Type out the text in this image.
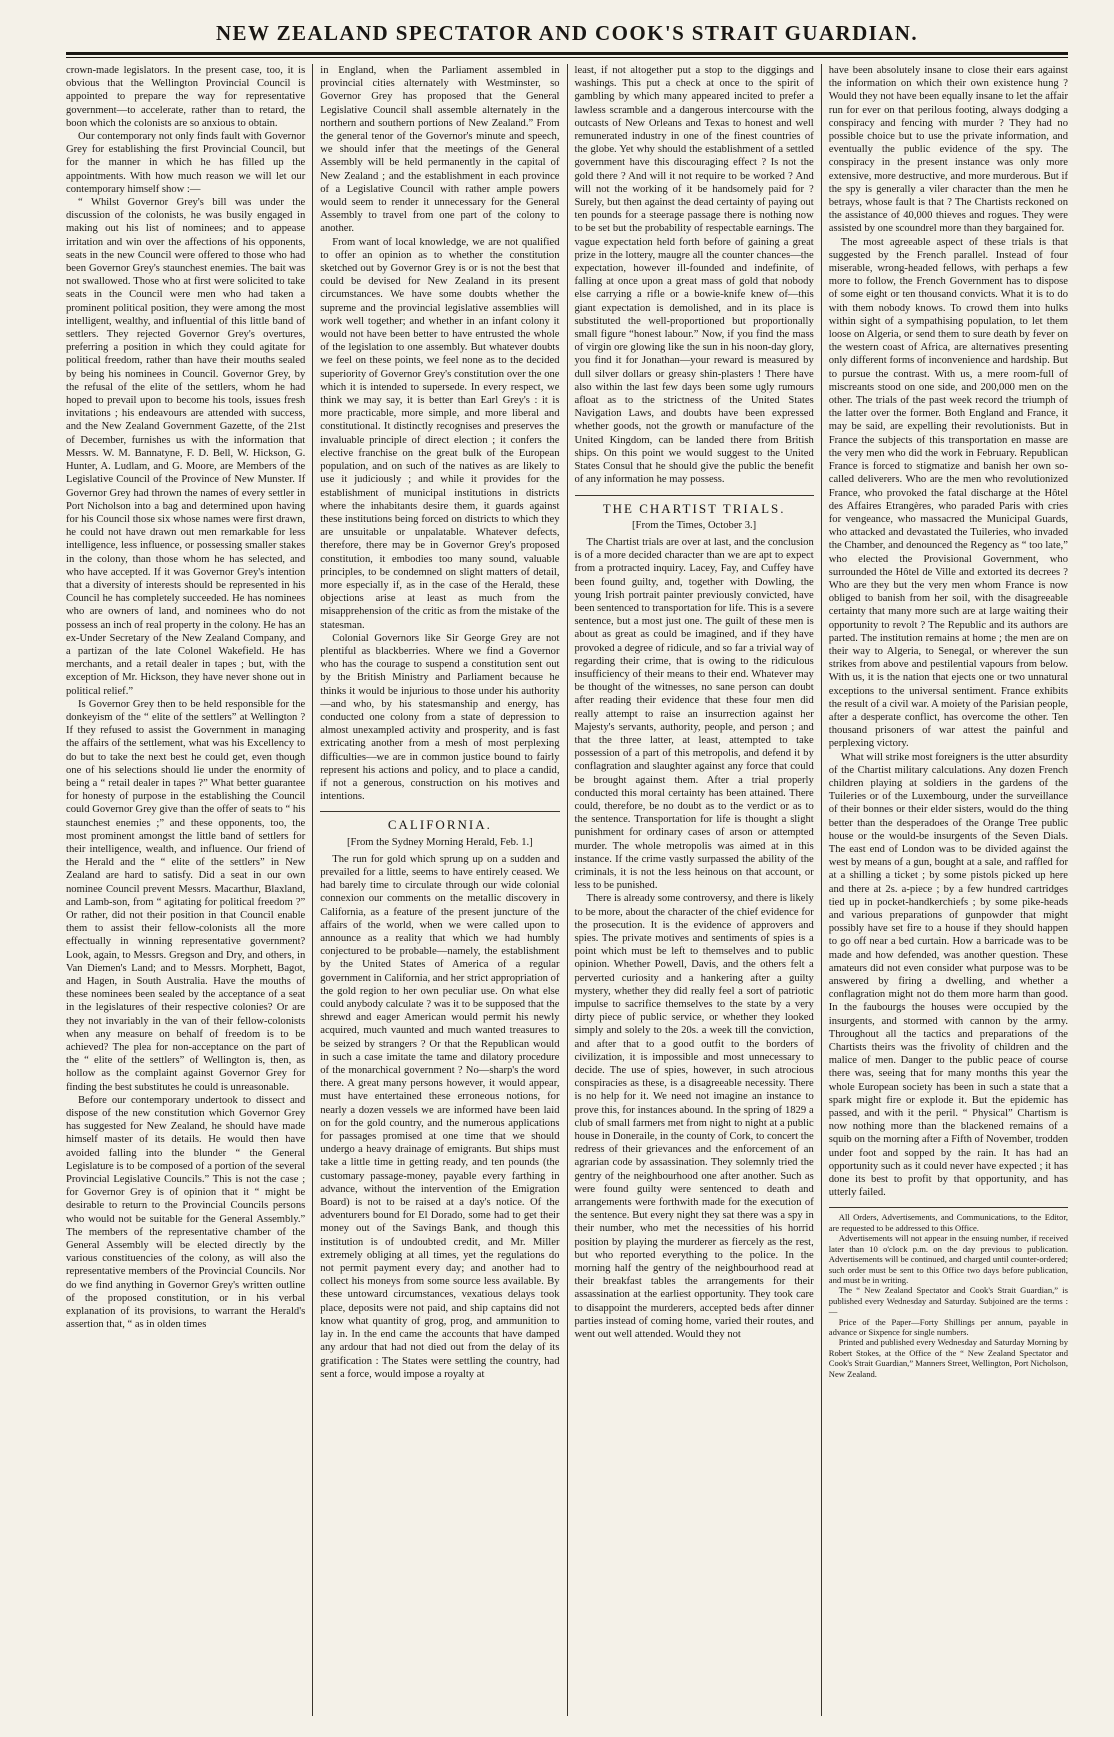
NEW ZEALAND SPECTATOR AND COOK'S STRAIT GUARDIAN.

crown-made legislators. In the present case, too, it is obvious that the Wellington Provincial Council is appointed to prepare the way for representative government—to accelerate, rather than to retard, the boon which the colonists are so anxious to obtain.

Our contemporary not only finds fault with Governor Grey for establishing the first Provincial Council, but for the manner in which he has filled up the appointments. With how much reason we will let our contemporary himself show :—

“ Whilst Governor Grey's bill was under the discussion of the colonists, he was busily engaged in making out his list of nominees; and to appease irritation and win over the affections of his opponents, seats in the new Council were offered to those who had been Governor Grey's staunchest enemies. The bait was not swallowed. Those who at first were solicited to take seats in the Council were men who had taken a prominent political position, they were among the most intelligent, wealthy, and influential of this little band of settlers. They rejected Governor Grey's overtures, preferring a position in which they could agitate for political freedom, rather than have their mouths sealed by being his nominees in Council. Governor Grey, by the refusal of the elite of the settlers, whom he had hoped to prevail upon to become his tools, issues fresh invitations ; his endeavours are attended with success, and the New Zealand Government Gazette, of the 21st of December, furnishes us with the information that Messrs. W. M. Bannatyne, F. D. Bell, W. Hickson, G. Hunter, A. Ludlam, and G. Moore, are Members of the Legislative Council of the Province of New Munster. If Governor Grey had thrown the names of every settler in Port Nicholson into a bag and determined upon having for his Council those six whose names were first drawn, he could not have drawn out men remarkable for less intelligence, less influence, or possessing smaller stakes in the colony, than those whom he has selected, and who have accepted. If it was Governor Grey's intention that a diversity of interests should be represented in his Council he has completely succeeded. He has nominees who are owners of land, and nominees who do not possess an inch of real property in the colony. He has an ex-Under Secretary of the New Zealand Company, and a partizan of the late Colonel Wakefield. He has merchants, and a retail dealer in tapes ; but, with the exception of Mr. Hickson, they have never shone out in political relief.”

Is Governor Grey then to be held responsible for the donkeyism of the “ elite of the settlers” at Wellington ? If they refused to assist the Government in managing the affairs of the settlement, what was his Excellency to do but to take the next best he could get, even though one of his selections should lie under the enormity of being a “ retail dealer in tapes ?” What better guarantee for honesty of purpose in the establishing the Council could Governor Grey give than the offer of seats to “ his staunchest enemies ;” and these opponents, too, the most prominent amongst the little band of settlers for their intelligence, wealth, and influence. Our friend of the Herald and the “ elite of the settlers” in New Zealand are hard to satisfy. Did a seat in our own nominee Council prevent Messrs. Macarthur, Blaxland, and Lamb-son, from “ agitating for political freedom ?” Or rather, did not their position in that Council enable them to assist their fellow-colonists all the more effectually in winning representative government? Look, again, to Messrs. Gregson and Dry, and others, in Van Diemen's Land; and to Messrs. Morphett, Bagot, and Hagen, in South Australia. Have the mouths of these nominees been sealed by the acceptance of a seat in the legislatures of their respective colonies? Or are they not invariably in the van of their fellow-colonists when any measure on behalf of freedom is to be achieved? The plea for non-acceptance on the part of the “ elite of the settlers” of Wellington is, then, as hollow as the complaint against Governor Grey for finding the best substitutes he could is unreasonable.

Before our contemporary undertook to dissect and dispose of the new constitution which Governor Grey has suggested for New Zealand, he should have made himself master of its details. He would then have avoided falling into the blunder “ the General Legislature is to be composed of a portion of the several Provincial Legislative Councils.” This is not the case ; for Governor Grey is of opinion that it “ might be desirable to return to the Provincial Councils persons who would not be suitable for the General Assembly.” The members of the representative chamber of the General Assembly will be elected directly by the various constituencies of the colony, as will also the representative members of the Provincial Councils. Nor do we find anything in Governor Grey's written outline of the proposed constitution, or in his verbal explanation of its provisions, to warrant the Herald's assertion that, “ as in olden times

in England, when the Parliament assembled in provincial cities alternately with Westminster, so Governor Grey has proposed that the General Legislative Council shall assemble alternately in the northern and southern portions of New Zealand.” From the general tenor of the Governor's minute and speech, we should infer that the meetings of the General Assembly will be held permanently in the capital of New Zealand ; and the establishment in each province of a Legislative Council with rather ample powers would seem to render it unnecessary for the General Assembly to travel from one part of the colony to another.

From want of local knowledge, we are not qualified to offer an opinion as to whether the constitution sketched out by Governor Grey is or is not the best that could be devised for New Zealand in its present circumstances. We have some doubts whether the supreme and the provincial legislative assemblies will work well together; and whether in an infant colony it would not have been better to have entrusted the whole of the legislation to one assembly. But whatever doubts we feel on these points, we feel none as to the decided superiority of Governor Grey's constitution over the one which it is intended to supersede. In every respect, we think we may say, it is better than Earl Grey's : it is more practicable, more simple, and more liberal and constitutional. It distinctly recognises and preserves the invaluable principle of direct election ; it confers the elective franchise on the great bulk of the European population, and on such of the natives as are likely to use it judiciously ; and while it provides for the establishment of municipal institutions in districts where the inhabitants desire them, it guards against these institutions being forced on districts to which they are unsuitable or unpalatable. Whatever defects, therefore, there may be in Governor Grey's proposed constitution, it embodies too many sound, valuable principles, to be condemned on slight matters of detail, more especially if, as in the case of the Herald, these objections arise at least as much from the misapprehension of the critic as from the mistake of the statesman.

Colonial Governors like Sir George Grey are not plentiful as blackberries. Where we find a Governor who has the courage to suspend a constitution sent out by the British Ministry and Parliament because he thinks it would be injurious to those under his authority—and who, by his statesmanship and energy, has conducted one colony from a state of depression to almost unexampled activity and prosperity, and is fast extricating another from a mesh of most perplexing difficulties—we are in common justice bound to fairly represent his actions and policy, and to place a candid, if not a generous, construction on his motives and intentions.

CALIFORNIA.
[From the Sydney Morning Herald, Feb. 1.]

The run for gold which sprung up on a sudden and prevailed for a little, seems to have entirely ceased. We had barely time to circulate through our wide colonial connexion our comments on the metallic discovery in California, as a feature of the present juncture of the affairs of the world, when we were called upon to announce as a reality that which we had humbly conjectured to be probable—namely, the establishment by the United States of America of a regular government in California, and her strict appropriation of the gold region to her own peculiar use. On what else could anybody calculate ? was it to be supposed that the shrewd and eager American would permit his newly acquired, much vaunted and much wanted treasures to be seized by strangers ? Or that the Republican would in such a case imitate the tame and dilatory procedure of the monarchical government ? No—sharp's the word there. A great many persons however, it would appear, must have entertained these erroneous notions, for nearly a dozen vessels we are informed have been laid on for the gold country, and the numerous applications for passages promised at one time that we should undergo a heavy drainage of emigrants. But ships must take a little time in getting ready, and ten pounds (the customary passage-money, payable every farthing in advance, without the intervention of the Emigration Board) is not to be raised at a day's notice. Of the adventurers bound for El Dorado, some had to get their money out of the Savings Bank, and though this institution is of undoubted credit, and Mr. Miller extremely obliging at all times, yet the regulations do not permit payment every day; and another had to collect his moneys from some source less available. By these untoward circumstances, vexatious delays took place, deposits were not paid, and ship captains did not know what quantity of grog, prog, and ammunition to lay in. In the end came the accounts that have damped any ardour that had not died out from the delay of its gratification : The States were settling the country, had sent a force, would impose a royalty at

least, if not altogether put a stop to the diggings and washings. This put a check at once to the spirit of gambling by which many appeared incited to prefer a lawless scramble and a dangerous intercourse with the outcasts of New Orleans and Texas to honest and well remunerated industry in one of the finest countries of the globe. Yet why should the establishment of a settled government have this discouraging effect ? Is not the gold there ? And will it not require to be worked ? And will not the working of it be handsomely paid for ? Surely, but then against the dead certainty of paying out ten pounds for a steerage passage there is nothing now to be set but the probability of respectable earnings. The vague expectation held forth before of gaining a great prize in the lottery, maugre all the counter chances—the expectation, however ill-founded and indefinite, of falling at once upon a great mass of gold that nobody else carrying a rifle or a bowie-knife knew of—this giant expectation is demolished, and in its place is substituted the well-proportioned but proportionally small figure “honest labour.” Now, if you find the mass of virgin ore glowing like the sun in his noon-day glory, you find it for Jonathan—your reward is measured by dull silver dollars or greasy shin-plasters ! There have also within the last few days been some ugly rumours afloat as to the strictness of the United States Navigation Laws, and doubts have been expressed whether goods, not the growth or manufacture of the United Kingdom, can be landed there from British ships. On this point we would suggest to the United States Consul that he should give the public the benefit of any information he may possess.

THE CHARTIST TRIALS.
[From the Times, October 3.]

The Chartist trials are over at last, and the conclusion is of a more decided character than we are apt to expect from a protracted inquiry. Lacey, Fay, and Cuffey have been found guilty, and, together with Dowling, the young Irish portrait painter previously convicted, have been sentenced to transportation for life. This is a severe sentence, but a most just one. The guilt of these men is about as great as could be imagined, and if they have provoked a degree of ridicule, and so far a trivial way of regarding their crime, that is owing to the ridiculous insufficiency of their means to their end. Whatever may be thought of the witnesses, no sane person can doubt after reading their evidence that these four men did really attempt to raise an insurrection against her Majesty's servants, authority, people, and person ; and that the three latter, at least, attempted to take possession of a part of this metropolis, and defend it by conflagration and slaughter against any force that could be brought against them. After a trial properly conducted this moral certainty has been attained. There could, therefore, be no doubt as to the verdict or as to the sentence. Transportation for life is thought a slight punishment for ordinary cases of arson or attempted murder. The whole metropolis was aimed at in this instance. If the crime vastly surpassed the ability of the criminals, it is not the less heinous on that account, or less to be punished.

There is already some controversy, and there is likely to be more, about the character of the chief evidence for the prosecution. It is the evidence of approvers and spies. The private motives and sentiments of spies is a point which must be left to themselves and to public opinion. Whether Powell, Davis, and the others felt a perverted curiosity and a hankering after a guilty mystery, whether they did really feel a sort of patriotic impulse to sacrifice themselves to the state by a very dirty piece of public service, or whether they looked simply and solely to the 20s. a week till the conviction, and after that to a good outfit to the borders of civilization, it is impossible and most unnecessary to decide. The use of spies, however, in such atrocious conspiracies as these, is a disagreeable necessity. There is no help for it. We need not imagine an instance to prove this, for instances abound. In the spring of 1829 a club of small farmers met from night to night at a public house in Doneraile, in the county of Cork, to concert the redress of their grievances and the enforcement of an agrarian code by assassination. They solemnly tried the gentry of the neighbourhood one after another. Such as were found guilty were sentenced to death and arrangements were forthwith made for the execution of the sentence. But every night they sat there was a spy in their number, who met the necessities of his horrid position by playing the murderer as fiercely as the rest, but who reported everything to the police. In the morning half the gentry of the neighbourhood read at their breakfast tables the arrangements for their assassination at the earliest opportunity. They took care to disappoint the murderers, accepted beds after dinner parties instead of coming home, varied their routes, and went out well attended. Would they not

have been absolutely insane to close their ears against the information on which their own existence hung ? Would they not have been equally insane to let the affair run for ever on that perilous footing, always dodging a conspiracy and fencing with murder ? They had no possible choice but to use the private information, and eventually the public evidence of the spy. The conspiracy in the present instance was only more extensive, more destructive, and more murderous. But if the spy is generally a viler character than the men he betrays, whose fault is that ? The Chartists reckoned on the assistance of 40,000 thieves and rogues. They were assisted by one scoundrel more than they bargained for.

The most agreeable aspect of these trials is that suggested by the French parallel. Instead of four miserable, wrong-headed fellows, with perhaps a few more to follow, the French Government has to dispose of some eight or ten thousand convicts. What it is to do with them nobody knows. To crowd them into hulks within sight of a sympathising population, to let them loose on Algeria, or send them to sure death by fever on the western coast of Africa, are alternatives presenting only different forms of inconvenience and hardship. But to pursue the contrast. With us, a mere room-full of miscreants stood on one side, and 200,000 men on the other. The trials of the past week record the triumph of the latter over the former. Both England and France, it may be said, are expelling their revolutionists. But in France the subjects of this transportation en masse are the very men who did the work in February. Republican France is forced to stigmatize and banish her own so-called deliverers. Who are the men who revolutionized France, who provoked the fatal discharge at the Hôtel des Affaires Etrangères, who paraded Paris with cries for vengeance, who massacred the Municipal Guards, who attacked and devastated the Tuileries, who invaded the Chamber, and denounced the Regency as “ too late,” who elected the Provisional Government, who surrounded the Hôtel de Ville and extorted its decrees ? Who are they but the very men whom France is now obliged to banish from her soil, with the disagreeable certainty that many more such are at large waiting their opportunity to revolt ? The Republic and its authors are parted. The institution remains at home ; the men are on their way to Algeria, to Senegal, or wherever the sun strikes from above and pestilential vapours from below. With us, it is the nation that ejects one or two unnatural exceptions to the universal sentiment. France exhibits the result of a civil war. A moiety of the Parisian people, after a desperate conflict, has overcome the other. Ten thousand prisoners of war attest the painful and perplexing victory.

What will strike most foreigners is the utter absurdity of the Chartist military calculations. Any dozen French children playing at soldiers in the gardens of the Tuileries or of the Luxembourg, under the surveillance of their bonnes or their elder sisters, would do the thing better than the desperadoes of the Orange Tree public house or the would-be insurgents of the Seven Dials. The east end of London was to be divided against the west by means of a gun, bought at a sale, and raffled for at a shilling a ticket ; by some pistols picked up here and there at 2s. a-piece ; by a few hundred cartridges tied up in pocket-handkerchiefs ; by some pike-heads and various preparations of gunpowder that might possibly have set fire to a house if they should happen to go off near a bed curtain. How a barricade was to be made and how defended, was another question. These amateurs did not even consider what purpose was to be answered by firing a dwelling, and whether a conflagration might not do them more harm than good. In the faubourgs the houses were occupied by the insurgents, and stormed with cannon by the army. Throughout all the tactics and preparations of the Chartists theirs was the frivolity of children and the malice of men. Danger to the public peace of course there was, seeing that for many months this year the whole European society has been in such a state that a spark might fire or explode it. But the epidemic has passed, and with it the peril. “ Physical” Chartism is now nothing more than the blackened remains of a squib on the morning after a Fifth of November, trodden under foot and sopped by the rain. It has had an opportunity such as it could never have expected ; it has done its best to profit by that opportunity, and has utterly failed.

All Orders, Advertisements, and Communications, to the Editor, are requested to be addressed to this Office.

Advertisements will not appear in the ensuing number, if received later than 10 o'clock p.m. on the day previous to publication. Advertisements will be continued, and charged until counter-ordered; such order must be sent to this Office two days before publication, and must be in writing.

The “ New Zealand Spectator and Cook's Strait Guardian,” is published every Wednesday and Saturday. Subjoined are the terms :—

Price of the Paper—Forty Shillings per annum, payable in advance or Sixpence for single numbers.

Printed and published every Wednesday and Saturday Morning by Robert Stokes, at the Office of the “ New Zealand Spectator and Cook's Strait Guardian,” Manners Street, Wellington, Port Nicholson, New Zealand.
